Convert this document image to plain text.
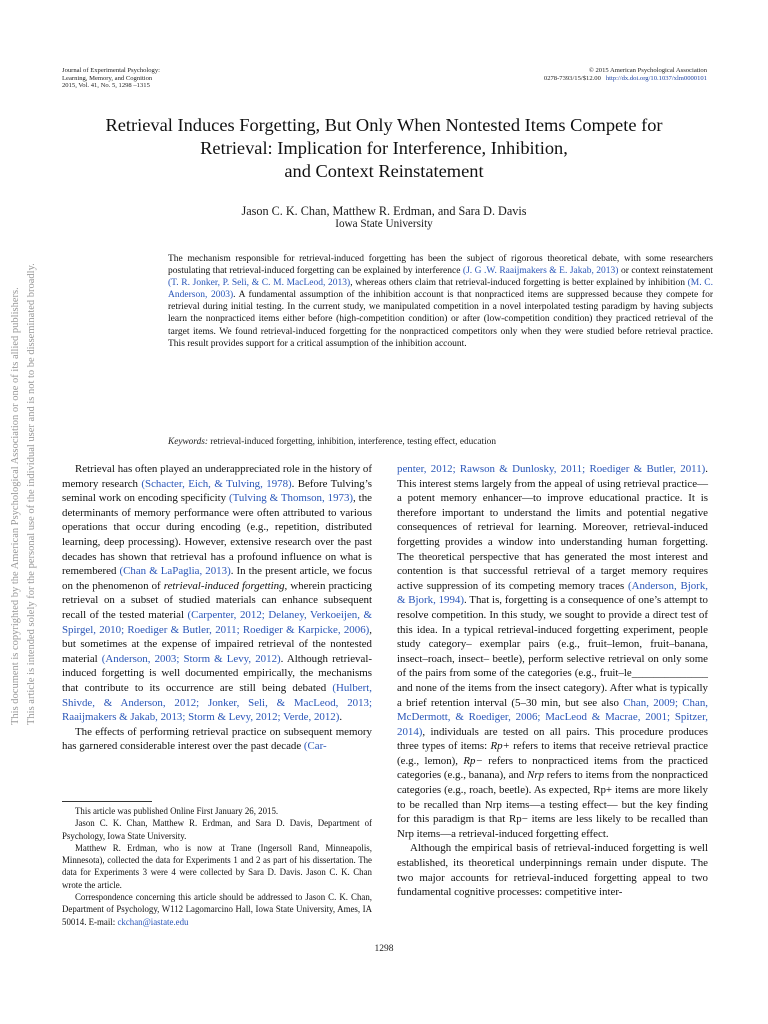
Journal of Experimental Psychology:
Learning, Memory, and Cognition
2015, Vol. 41, No. 5, 1298 –1315
© 2015 American Psychological Association
0278-7393/15/$12.00 http://dx.doi.org/10.1037/xlm0000101
Retrieval Induces Forgetting, But Only When Nontested Items Compete for
Retrieval: Implication for Interference, Inhibition,
and Context Reinstatement
Jason C. K. Chan, Matthew R. Erdman, and Sara D. Davis
Iowa State University
The mechanism responsible for retrieval-induced forgetting has been the subject of rigorous theoretical debate, with some researchers postulating that retrieval-induced forgetting can be explained by interference (J. G .W. Raaijmakers & E. Jakab, 2013) or context reinstatement (T. R. Jonker, P. Seli, & C. M. MacLeod, 2013), whereas others claim that retrieval-induced forgetting is better explained by inhibition (M. C. Anderson, 2003). A fundamental assumption of the inhibition account is that nonpracticed items are suppressed because they compete for retrieval during initial testing. In the current study, we manipulated competition in a novel interpolated testing paradigm by having subjects learn the nonpracticed items either before (high-competition condition) or after (low-competition condition) they practiced retrieval of the target items. We found retrieval-induced forgetting for the nonpracticed competitors only when they were studied before retrieval practice. This result provides support for a critical assumption of the inhibition account.
Keywords: retrieval-induced forgetting, inhibition, interference, testing effect, education
This document is copyrighted by the American Psychological Association or one of its allied publishers. This article is intended solely for the personal use of the individual user and is not to be disseminated broadly.	Retrieval has often played an underappreciated role in the history of memory research (Schacter, Eich, & Tulving, 1978). Before Tulving’s seminal work on encoding specificity (Tulving & Thomson, 1973), the determinants of memory performance were often attributed to various operations that occur during encoding (e.g., repetition, distributed learning, deep processing). However, extensive research over the past decades has shown that retrieval has a profound influence on what is remembered (Chan & LaPaglia, 2013). In the present article, we focus on the phenomenon of retrieval-induced forgetting, wherein practicing retrieval on a subset of studied materials can enhance subsequent recall of the tested material (Carpenter, 2012; Delaney, Verkoeijen, & Spirgel, 2010; Roediger & Butler, 2011; Roediger & Karpicke, 2006), but sometimes at the expense of impaired retrieval of the nontested material (Anderson, 2003; Storm & Levy, 2012). Although retrieval-induced forgetting is well documented empirically, the mechanisms that contribute to its occurrence are still being debated (Hulbert, Shivde, & Anderson, 2012; Jonker, Seli, & MacLeod, 2013; Raaijmakers & Jakab, 2013; Storm & Levy, 2012; Verde, 2012).

The effects of performing retrieval practice on subsequent memory has garnered considerable interest over the past decade (Car-

This article was published Online First January 26, 2015.

Jason C. K. Chan, Matthew R. Erdman, and Sara D. Davis, Department of Psychology, Iowa State University.

Matthew R. Erdman, who is now at Trane (Ingersoll Rand, Minneapolis, Minnesota), collected the data for Experiments 1 and 2 as part of his dissertation. The data for Experiments 3 were 4 were collected by Sara D. Davis. Jason C. K. Chan wrote the article.

Correspondence concerning this article should be addressed to Jason C. K. Chan, Department of Psychology, W112 Lagomarcino Hall, Iowa State University, Ames, IA 50014. E-mail: ckchan@iastate.edu

penter, 2012; Rawson & Dunlosky, 2011; Roediger & Butler, 2011). This interest stems largely from the appeal of using retrieval practice—a potent memory enhancer—to improve educational practice. It is therefore important to understand the limits and potential negative consequences of retrieval for learning. Moreover, retrieval-induced forgetting provides a window into understanding human forgetting. The theoretical perspective that has generated the most interest and contention is that successful retrieval of a target memory requires active suppression of its competing memory traces (Anderson, Bjork, & Bjork, 1994). That is, forgetting is a consequence of one’s attempt to resolve competition. In this study, we sought to provide a direct test of this idea. In a typical retrieval-induced forgetting experiment, people study category– exemplar pairs (e.g., fruit–lemon, fruit–banana, insect–roach, insect– beetle), perform selective retrieval on only some of the pairs from some of the categories (e.g., fruit–le______________ and none of the items from the insect category). After what is typically a brief retention interval (5–30 min, but see also Chan, 2009; Chan, McDermott, & Roediger, 2006; MacLeod & Macrae, 2001; Spitzer, 2014), individuals are tested on all pairs. This procedure produces three types of items: Rp+ refers to items that receive retrieval practice (e.g., lemon), Rp− refers to nonpracticed items from the practiced categories (e.g., banana), and Nrp refers to items from the nonpracticed categories (e.g., roach, beetle). As expected, Rp+ items are more likely to be recalled than Nrp items—a testing effect— but the key finding for this paradigm is that Rp− items are less likely to be recalled than Nrp items—a retrieval-induced forgetting effect.

Although the empirical basis of retrieval-induced forgetting is well established, its theoretical underpinnings remain under dispute. The two major accounts for retrieval-induced forgetting appeal to two fundamental cognitive processes: competitive inter-

1298
